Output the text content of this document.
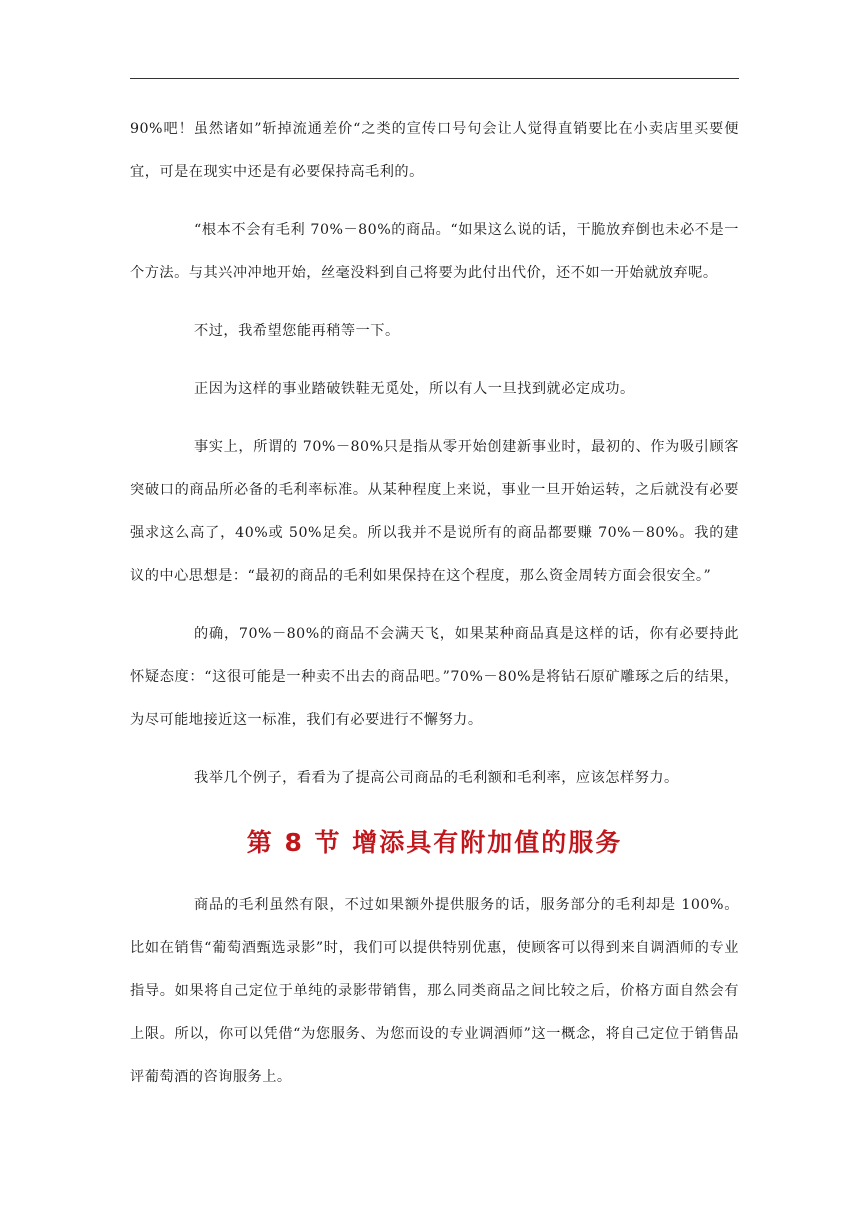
90%吧！虽然诸如”斩掉流通差价“之类的宣传口号句会让人觉得直销要比在小卖店里买要便宜，可是在现实中还是有必要保持高毛利的。

“根本不会有毛利 70%－80%的商品。“如果这么说的话，干脆放弃倒也未必不是一个方法。与其兴冲冲地开始，丝毫没料到自己将要为此付出代价，还不如一开始就放弃呢。

不过，我希望您能再稍等一下。

正因为这样的事业踏破铁鞋无觅处，所以有人一旦找到就必定成功。

事实上，所谓的 70%－80%只是指从零开始创建新事业时，最初的、作为吸引顾客突破口的商品所必备的毛利率标准。从某种程度上来说，事业一旦开始运转，之后就没有必要强求这么高了，40%或 50%足矣。所以我并不是说所有的商品都要赚 70%－80%。我的建议的中心思想是：“最初的商品的毛利如果保持在这个程度，那么资金周转方面会很安全。”

的确，70%－80%的商品不会满天飞，如果某种商品真是这样的话，你有必要持此怀疑态度：“这很可能是一种卖不出去的商品吧。”70%－80%是将钻石原矿雕琢之后的结果，为尽可能地接近这一标准，我们有必要进行不懈努力。

我举几个例子，看看为了提高公司商品的毛利额和毛利率，应该怎样努力。

第 8 节 增添具有附加值的服务

商品的毛利虽然有限，不过如果额外提供服务的话，服务部分的毛利却是 100%。比如在销售“葡萄酒甄选录影”时，我们可以提供特别优惠，使顾客可以得到来自调酒师的专业指导。如果将自己定位于单纯的录影带销售，那么同类商品之间比较之后，价格方面自然会有上限。所以，你可以凭借“为您服务、为您而设的专业调酒师”这一概念，将自己定位于销售品评葡萄酒的咨询服务上。
